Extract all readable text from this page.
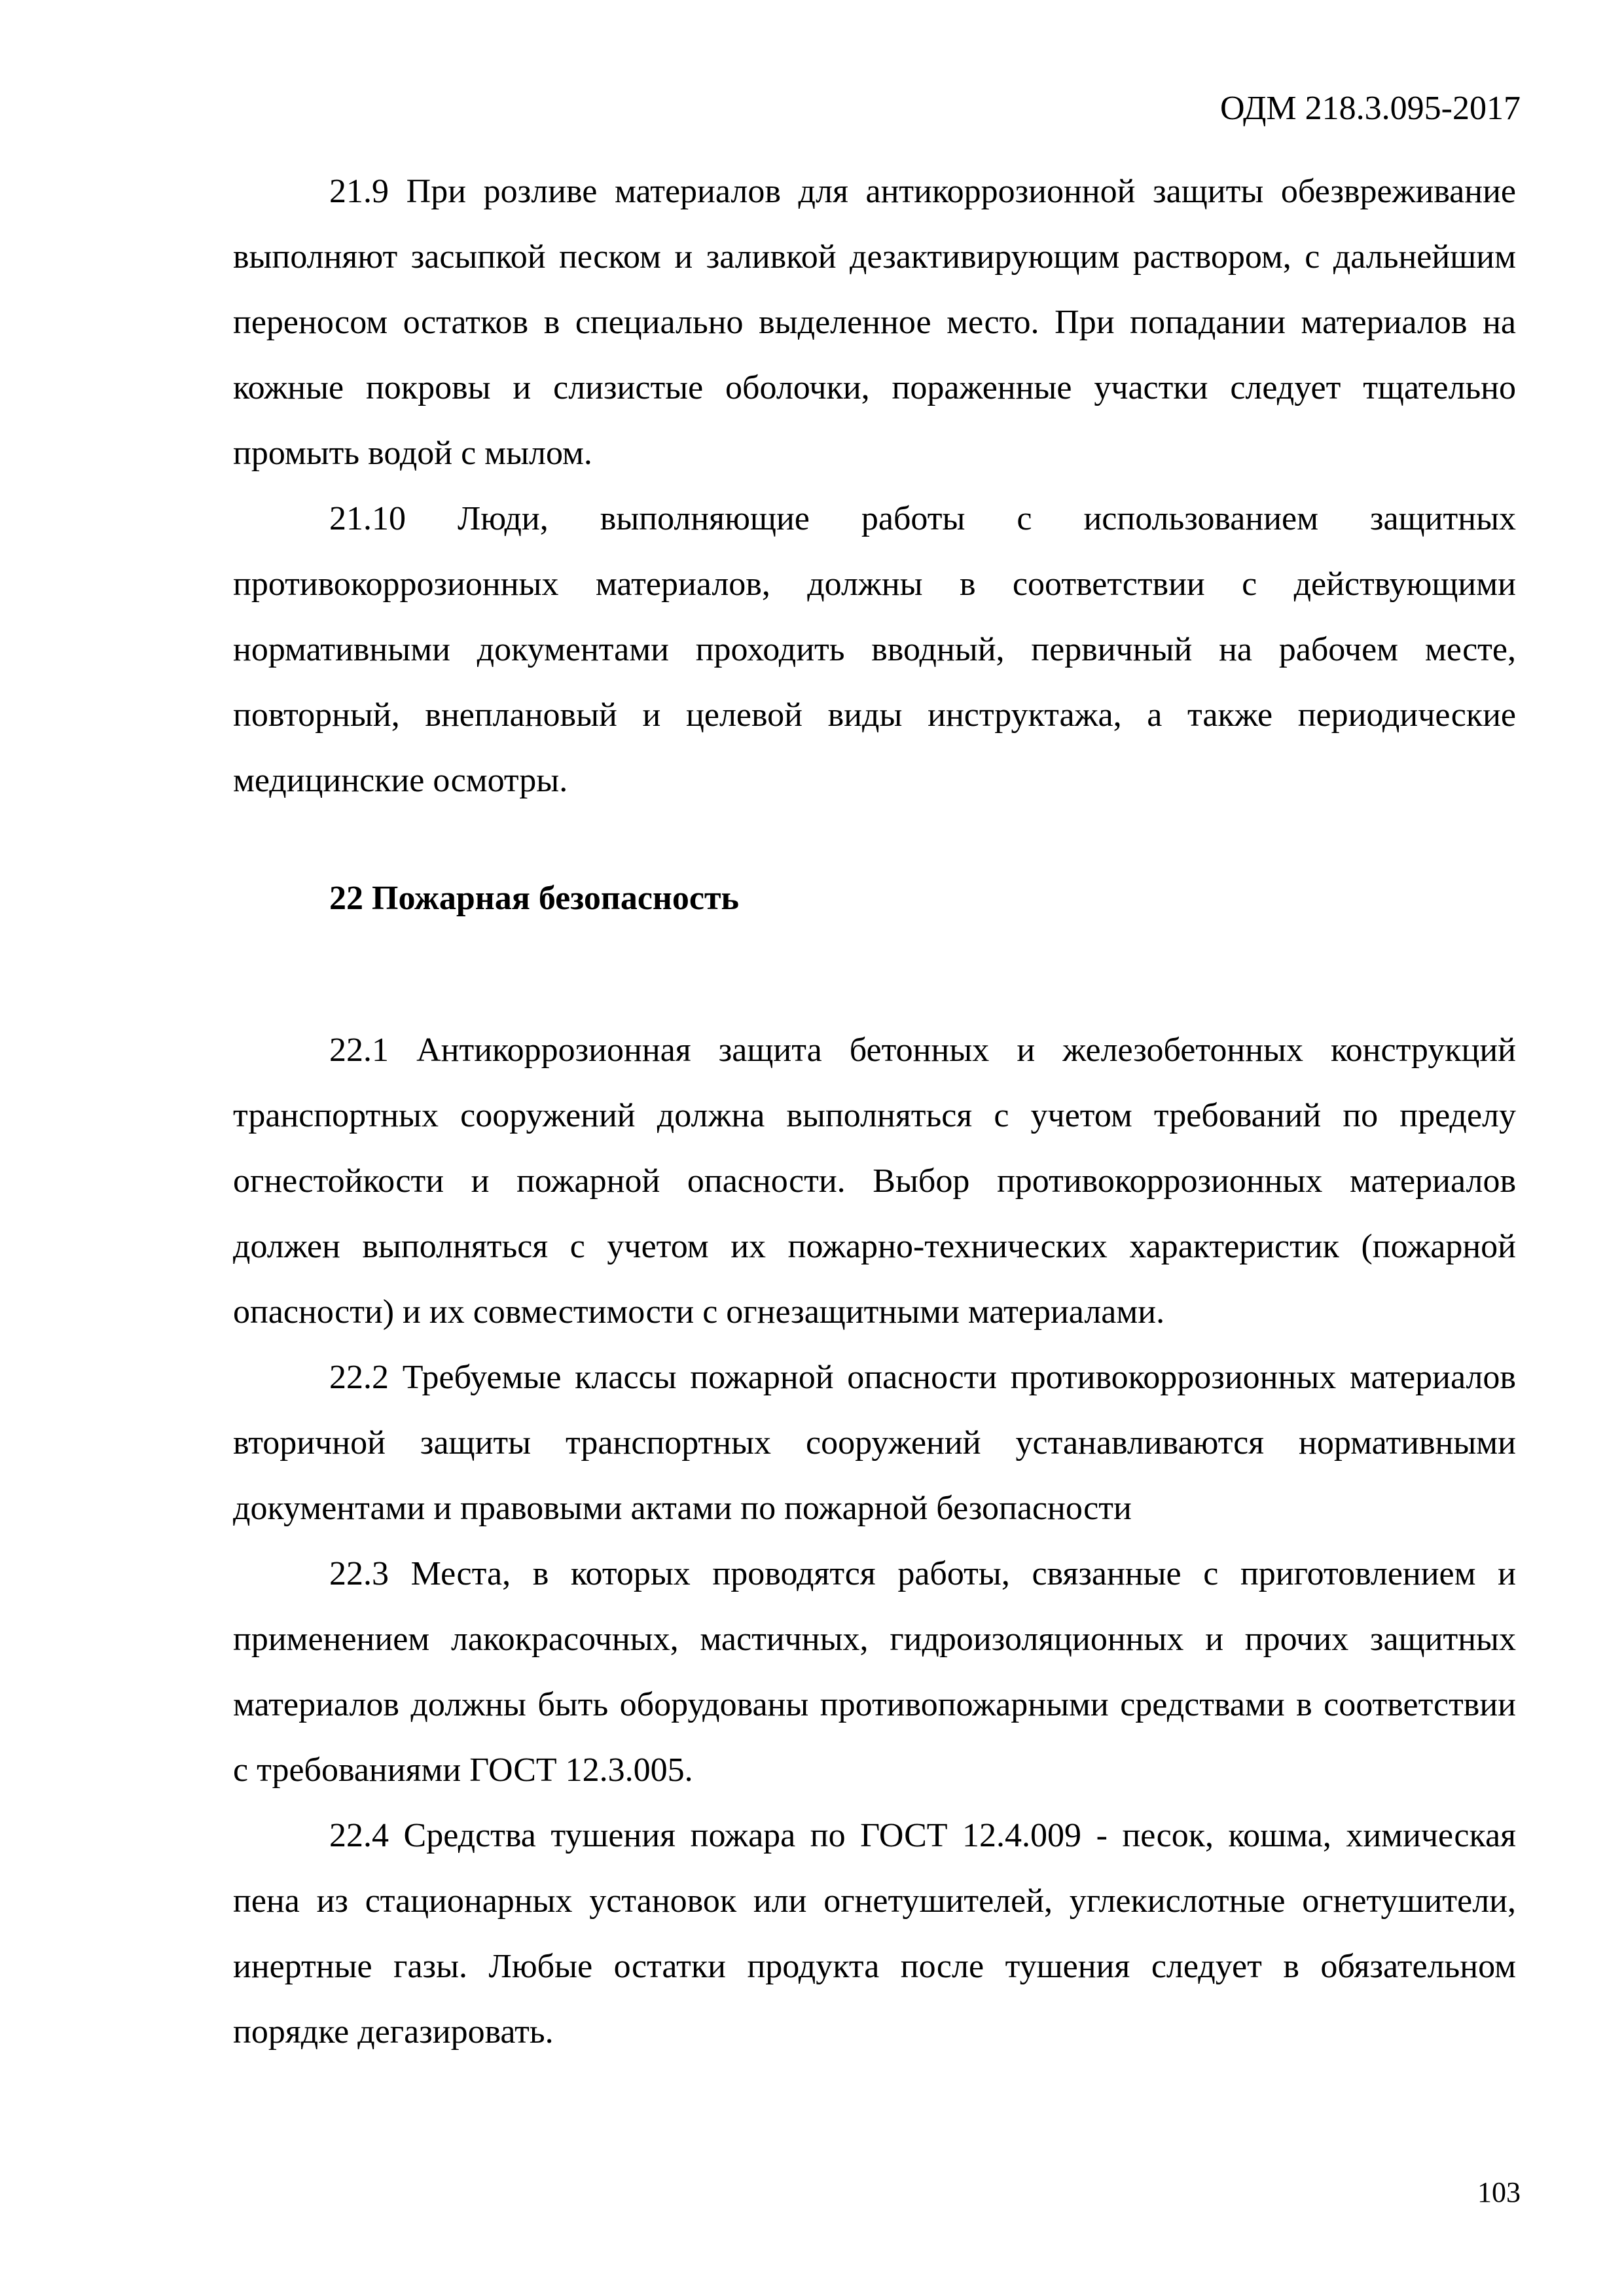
ОДМ 218.3.095-2017

21.9 При розливе материалов для антикоррозионной защиты обезвреживание выполняют засыпкой песком и заливкой дезактивирующим раствором, с дальнейшим переносом остатков в специально выделенное место. При попадании материалов на кожные покровы и слизистые оболочки, пораженные участки следует тщательно промыть водой с мылом.

21.10 Люди, выполняющие работы с использованием защитных противокоррозионных материалов, должны в соответствии с действующими нормативными документами проходить вводный, первичный на рабочем месте, повторный, внеплановый и целевой виды инструктажа, а также периодические медицинские осмотры.

22 Пожарная безопасность

22.1 Антикоррозионная защита бетонных и железобетонных конструкций транспортных сооружений должна выполняться с учетом требований по пределу огнестойкости и пожарной опасности. Выбор противокоррозионных материалов должен выполняться с учетом их пожарно-технических характеристик (пожарной опасности) и их совместимости с огнезащитными материалами.

22.2 Требуемые классы пожарной опасности противокоррозионных материалов вторичной защиты транспортных сооружений устанавливаются нормативными документами и правовыми актами по пожарной безопасности

22.3 Места, в которых проводятся работы, связанные с приготовлением и применением лакокрасочных, мастичных, гидроизоляционных и прочих защитных материалов должны быть оборудованы противопожарными средствами в соответствии с требованиями ГОСТ 12.3.005.

22.4 Средства тушения пожара по ГОСТ 12.4.009 - песок, кошма, химическая пена из стационарных установок или огнетушителей, углекислотные огнетушители, инертные газы. Любые остатки продукта после тушения следует в обязательном порядке дегазировать.

103
